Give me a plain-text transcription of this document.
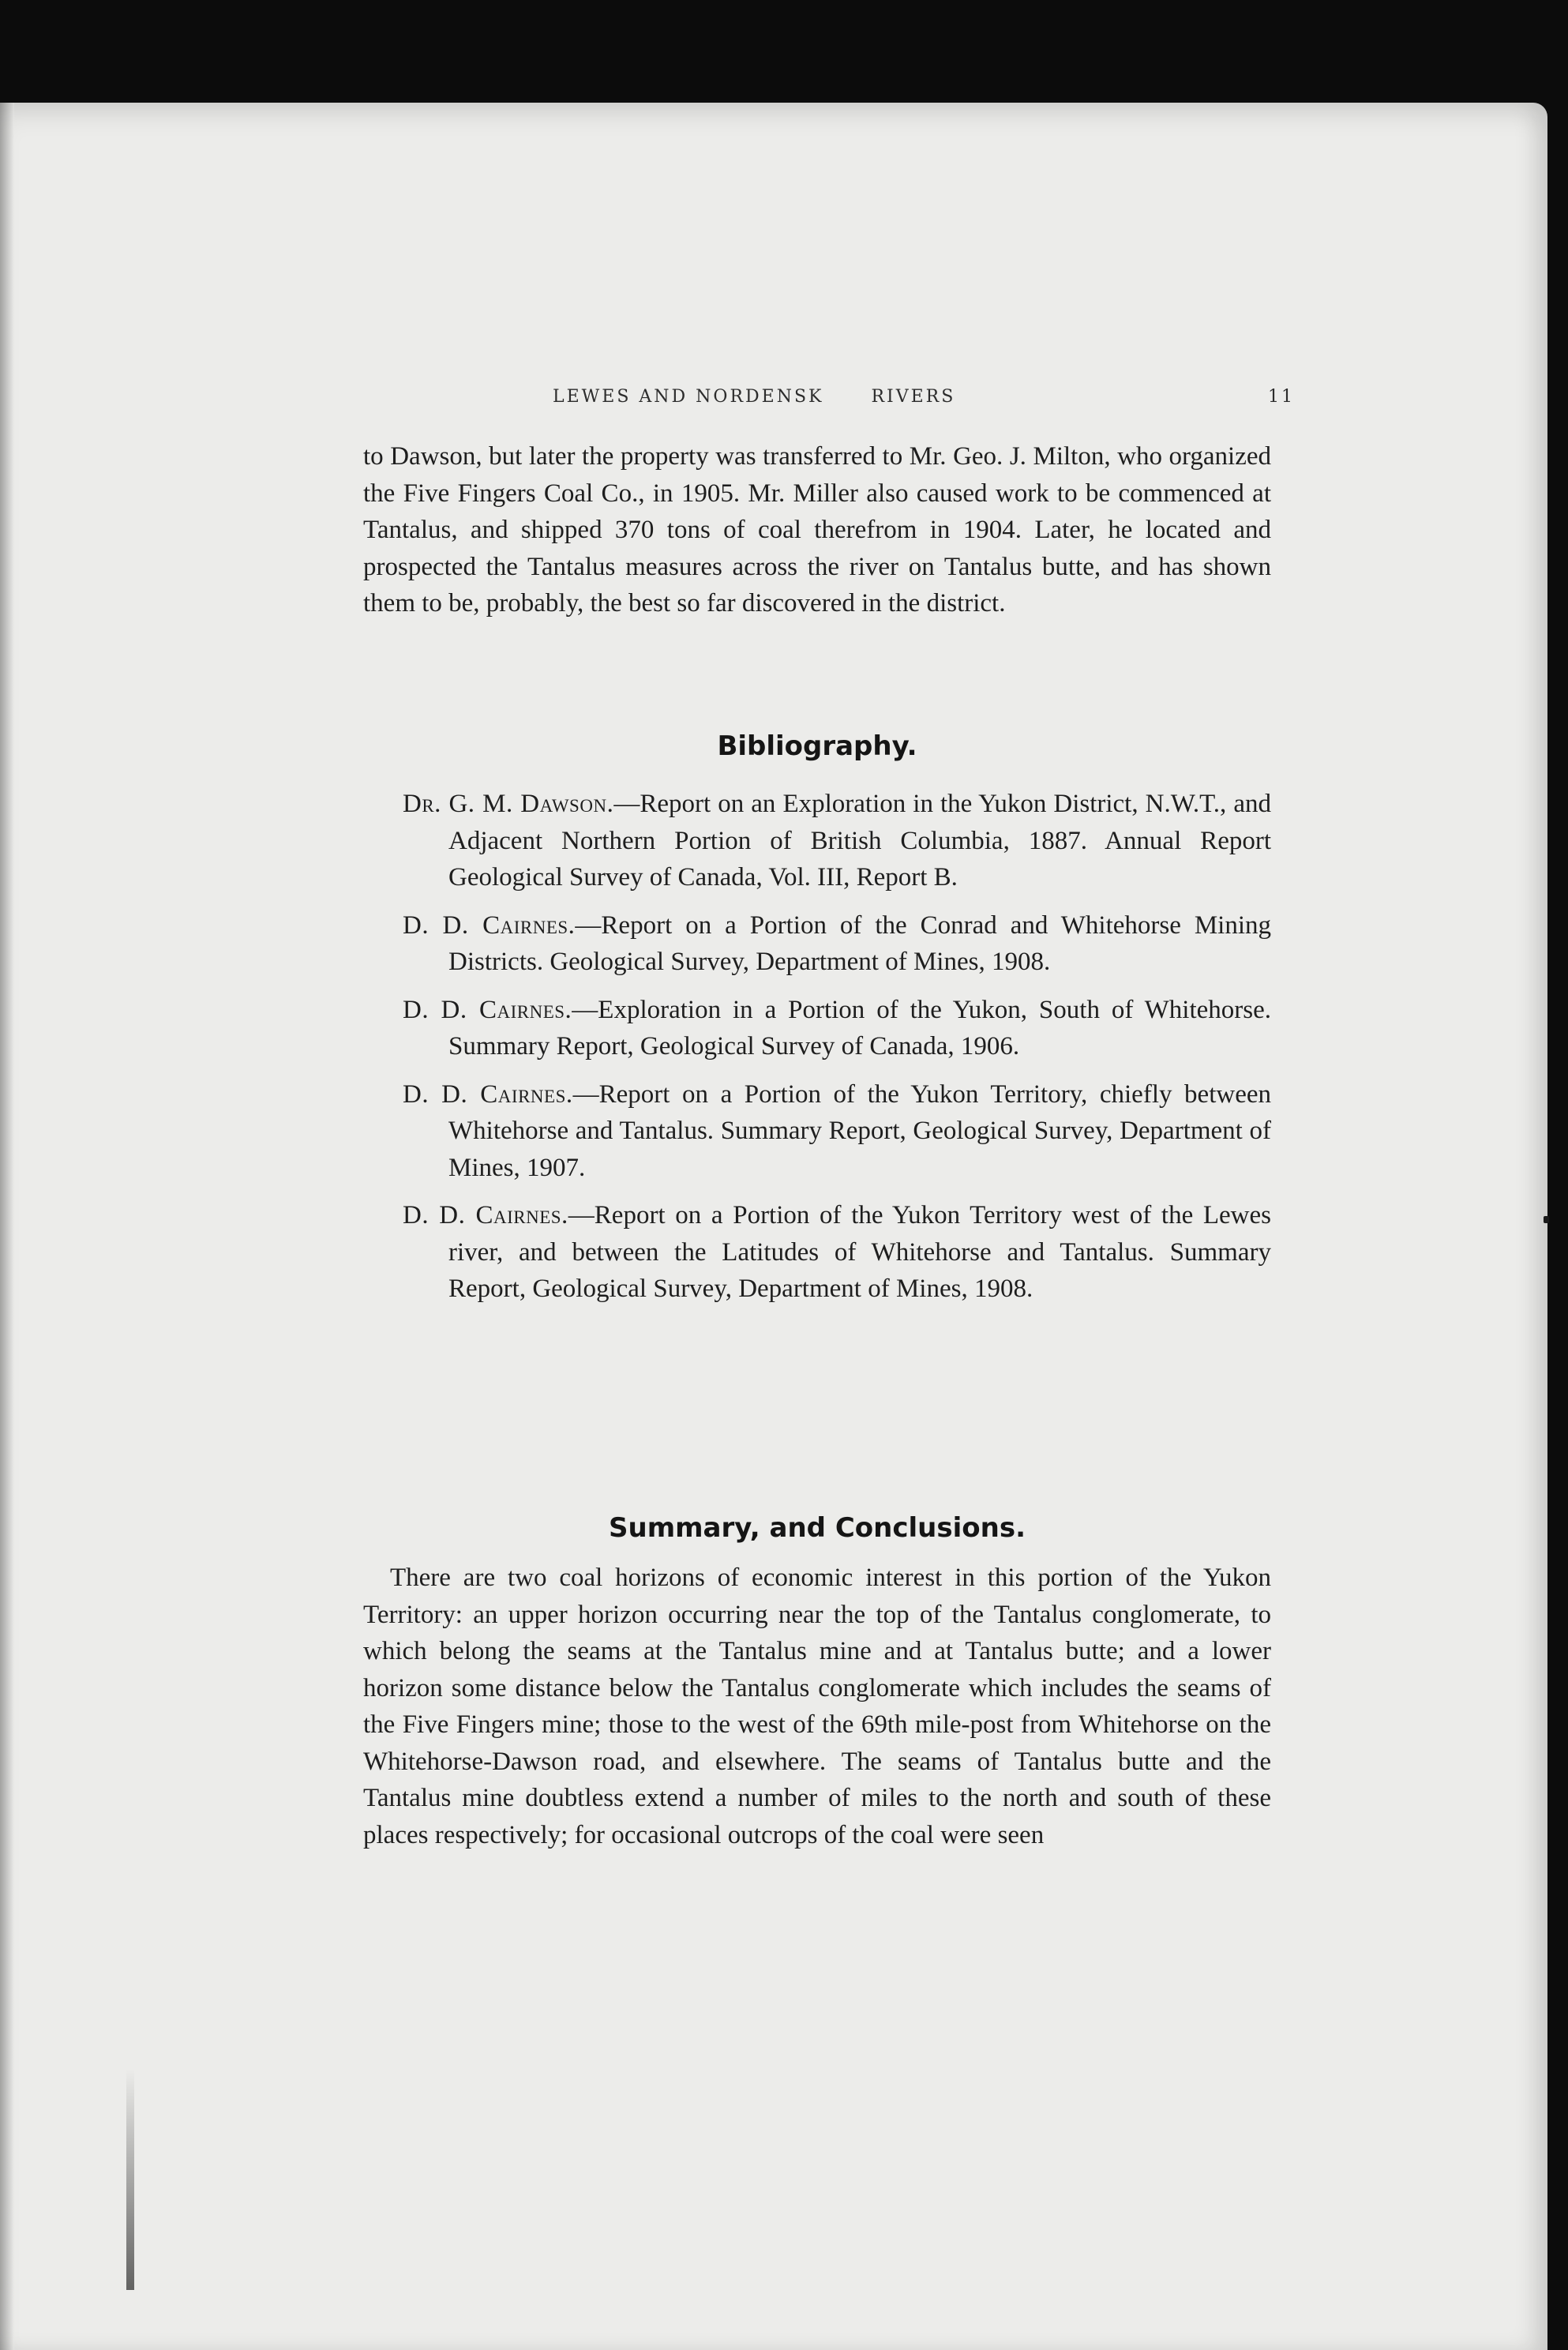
LEWES AND NORDENSK	RIVERS	11

to Dawson, but later the property was transferred to Mr. Geo. J. Milton, who organized the Five Fingers Coal Co., in 1905. Mr. Miller also caused work to be commenced at Tantalus, and shipped 370 tons of coal therefrom in 1904. Later, he located and prospected the Tantalus measures across the river on Tantalus butte, and has shown them to be, probably, the best so far discovered in the district.

Bibliography.
Dr. G. M. Dawson.—Report on an Exploration in the Yukon District, N.W.T., and Adjacent Northern Portion of British Columbia, 1887. Annual Report Geological Survey of Canada, Vol. III, Report B.
D. D. Cairnes.—Report on a Portion of the Conrad and Whitehorse Mining Districts. Geological Survey, Department of Mines, 1908.
D. D. Cairnes.—Exploration in a Portion of the Yukon, South of Whitehorse. Summary Report, Geological Survey of Canada, 1906.
D. D. Cairnes.—Report on a Portion of the Yukon Territory, chiefly between Whitehorse and Tantalus. Summary Report, Geological Survey, Department of Mines, 1907.
D. D. Cairnes.—Report on a Portion of the Yukon Territory west of the Lewes river, and between the Latitudes of Whitehorse and Tantalus. Summary Report, Geological Survey, Department of Mines, 1908.
Summary, and Conclusions.

There are two coal horizons of economic interest in this portion of the Yukon Territory: an upper horizon occurring near the top of the Tantalus conglomerate, to which belong the seams at the Tantalus mine and at Tantalus butte; and a lower horizon some distance below the Tantalus conglomerate which includes the seams of the Five Fingers mine; those to the west of the 69th mile-post from Whitehorse on the Whitehorse-Dawson road, and elsewhere. The seams of Tantalus butte and the Tantalus mine doubtless extend a number of miles to the north and south of these places respectively; for occasional outcrops of the coal were seen
